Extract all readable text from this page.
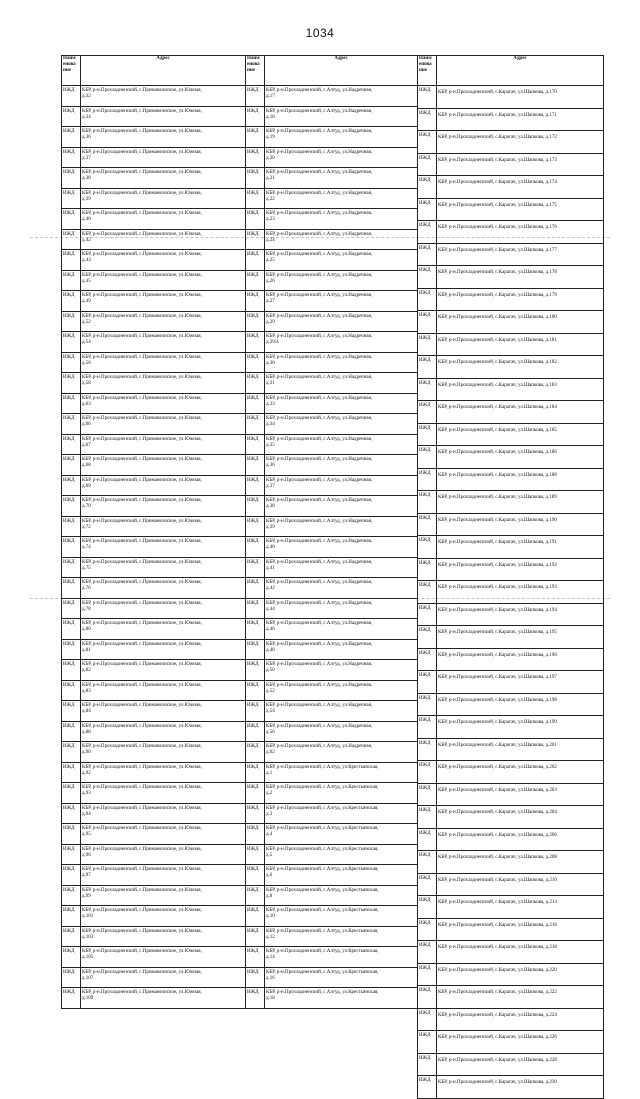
1034
Наим енова ние	Адрес
ИЖД	КБР, р-н.Прохладненский, с.Приманелиское, ул.Южная,
д.32

ИЖД	КБР, р-н.Прохладненский, с.Приманелиское, ул.Южная,
д.34

ИЖД	КБР, р-н.Прохладненский, с.Приманелиское, ул.Южная,
д.36

ИЖД	КБР, р-н.Прохладненский, с.Приманелиское, ул.Южная,
д.37

ИЖД	КБР, р-н.Прохладненский, с.Приманелиское, ул.Южная,
д.38

ИЖД	КБР, р-н.Прохладненский, с.Приманелиское, ул.Южная,
д.39

ИЖД	КБР, р-н.Прохладненский, с.Приманелиское, ул.Южная,
д.40

ИЖД	КБР, р-н.Прохладненский, с.Приманелиское, ул.Южная,
д.42

ИЖД	КБР, р-н.Прохладненский, с.Приманелиское, ул.Южная,
д.43

ИЖД	КБР, р-н.Прохладненский, с.Приманелиское, ул.Южная,
д.45

ИЖД	КБР, р-н.Прохладненский, с.Приманелиское, ул.Южная,
д.49

ИЖД	КБР, р-н.Прохладненский, с.Приманелиское, ул.Южная,
д.52

ИЖД	КБР, р-н.Прохладненский, с.Приманелиское, ул.Южная,
д.54

ИЖД	КБР, р-н.Прохладненский, с.Приманелиское, ул.Южная,
д.56

ИЖД	КБР, р-н.Прохладненский, с.Приманелиское, ул.Южная,
д.58

ИЖД	КБР, р-н.Прохладненский, с.Приманелиское, ул.Южная,
д.63

ИЖД	КБР, р-н.Прохладненский, с.Приманелиское, ул.Южная,
д.66

ИЖД	КБР, р-н.Прохладненский, с.Приманелиское, ул.Южная,
д.67

ИЖД	КБР, р-н.Прохладненский, с.Приманелиское, ул.Южная,
д.68

ИЖД	КБР, р-н.Прохладненский, с.Приманелиское, ул.Южная,
д.69

ИЖД	КБР, р-н.Прохладненский, с.Приманелиское, ул.Южная,
д.70

ИЖД	КБР, р-н.Прохладненский, с.Приманелиское, ул.Южная,
д.72

ИЖД	КБР, р-н.Прохладненский, с.Приманелиское, ул.Южная,
д.74

ИЖД	КБР, р-н.Прохладненский, с.Приманелиское, ул.Южная,
д.75

ИЖД	КБР, р-н.Прохладненский, с.Приманелиское, ул.Южная,
д.76

ИЖД	КБР, р-н.Прохладненский, с.Приманелиское, ул.Южная,
д.78

ИЖД	КБР, р-н.Прохладненский, с.Приманелиское, ул.Южная,
д.80

ИЖД	КБР, р-н.Прохладненский, с.Приманелиское, ул.Южная,
д.81

ИЖД	КБР, р-н.Прохладненский, с.Приманелиское, ул.Южная,
д.82

ИЖД	КБР, р-н.Прохладненский, с.Приманелиское, ул.Южная,
д.83

ИЖД	КБР, р-н.Прохладненский, с.Приманелиское, ул.Южная,
д.84

ИЖД	КБР, р-н.Прохладненский, с.Приманелиское, ул.Южная,
д.88

ИЖД	КБР, р-н.Прохладненский, с.Приманелиское, ул.Южная,
д.90

ИЖД	КБР, р-н.Прохладненский, с.Приманелиское, ул.Южная,
д.92

ИЖД	КБР, р-н.Прохладненский, с.Приманелиское, ул.Южная,
д.93

ИЖД	КБР, р-н.Прохладненский, с.Приманелиское, ул.Южная,
д.94

ИЖД	КБР, р-н.Прохладненский, с.Приманелиское, ул.Южная,
д.95

ИЖД	КБР, р-н.Прохладненский, с.Приманелиское, ул.Южная,
д.96

ИЖД	КБР, р-н.Прохладненский, с.Приманелиское, ул.Южная,
д.97

ИЖД	КБР, р-н.Прохладненский, с.Приманелиское, ул.Южная,
д.99

ИЖД	КБР, р-н.Прохладненский, с.Приманелиское, ул.Южная,
д.101

ИЖД	КБР, р-н.Прохладненский, с.Приманелиское, ул.Южная,
д.103

ИЖД	КБР, р-н.Прохладненский, с.Приманелиское, ул.Южная,
д.105

ИЖД	КБР, р-н.Прохладненский, с.Приманелиское, ул.Южная,
д.107

ИЖД	КБР, р-н.Прохладненский, с.Приманелиское, ул.Южная,
д.109
Наим енова ние	Адрес
ИЖД	КБР, р-н.Прохладненский, с.Алтуд, ул.Надречная,
д.17

ИЖД	КБР, р-н.Прохладненский, с.Алтуд, ул.Надречная,
д.18

ИЖД	КБР, р-н.Прохладненский, с.Алтуд, ул.Надречная,
д.19

ИЖД	КБР, р-н.Прохладненский, с.Алтуд, ул.Надречная,
д.20

ИЖД	КБР, р-н.Прохладненский, с.Алтуд, ул.Надречная,
д.21

ИЖД	КБР, р-н.Прохладненский, с.Алтуд, ул.Надречная,
д.22

ИЖД	КБР, р-н.Прохладненский, с.Алтуд, ул.Надречная,
д.23

ИЖД	КБР, р-н.Прохладненский, с.Алтуд, ул.Надречная,
д.24

ИЖД	КБР, р-н.Прохладненский, с.Алтуд, ул.Надречная,
д.25

ИЖД	КБР, р-н.Прохладненский, с.Алтуд, ул.Надречная,
д.26

ИЖД	КБР, р-н.Прохладненский, с.Алтуд, ул.Надречная,
д.27

ИЖД	КБР, р-н.Прохладненский, с.Алтуд, ул.Надречная,
д.29

ИЖД	КБР, р-н.Прохладненский, с.Алтуд, ул.Надречная,
д.29/4

ИЖД	КБР, р-н.Прохладненский, с.Алтуд, ул.Надречная,
д.30

ИЖД	КБР, р-н.Прохладненский, с.Алтуд, ул.Надречная,
д.31

ИЖД	КБР, р-н.Прохладненский, с.Алтуд, ул.Надречная,
д.33

ИЖД	КБР, р-н.Прохладненский, с.Алтуд, ул.Надречная,
д.34

ИЖД	КБР, р-н.Прохладненский, с.Алтуд, ул.Надречная,
д.35

ИЖД	КБР, р-н.Прохладненский, с.Алтуд, ул.Надречная,
д.36

ИЖД	КБР, р-н.Прохладненский, с.Алтуд, ул.Надречная,
д.37

ИЖД	КБР, р-н.Прохладненский, с.Алтуд, ул.Надречная,
д.38

ИЖД	КБР, р-н.Прохладненский, с.Алтуд, ул.Надречная,
д.39

ИЖД	КБР, р-н.Прохладненский, с.Алтуд, ул.Надречная,
д.40

ИЖД	КБР, р-н.Прохладненский, с.Алтуд, ул.Надречная,
д.41

ИЖД	КБР, р-н.Прохладненский, с.Алтуд, ул.Надречная,
д.42

ИЖД	КБР, р-н.Прохладненский, с.Алтуд, ул.Надречная,
д.44

ИЖД	КБР, р-н.Прохладненский, с.Алтуд, ул.Надречная,
д.46

ИЖД	КБР, р-н.Прохладненский, с.Алтуд, ул.Надречная,
д.48

ИЖД	КБР, р-н.Прохладненский, с.Алтуд, ул.Надречная,
д.50

ИЖД	КБР, р-н.Прохладненский, с.Алтуд, ул.Надречная,
д.52

ИЖД	КБР, р-н.Прохладненский, с.Алтуд, ул.Надречная,
д.54

ИЖД	КБР, р-н.Прохладненский, с.Алтуд, ул.Надречная,
д.56

ИЖД	КБР, р-н.Прохладненский, с.Алтуд, ул.Надречная,
д.62

ИЖД	КБР, р-н.Прохладненский, с.Алтуд, ул.Крестьянская,
д.1

ИЖД	КБР, р-н.Прохладненский, с.Алтуд, ул.Крестьянская,
д.2

ИЖД	КБР, р-н.Прохладненский, с.Алтуд, ул.Крестьянская,
д.3

ИЖД	КБР, р-н.Прохладненский, с.Алтуд, ул.Крестьянская,
д.4

ИЖД	КБР, р-н.Прохладненский, с.Алтуд, ул.Крестьянская,
д.5

ИЖД	КБР, р-н.Прохладненский, с.Алтуд, ул.Крестьянская,
д.6

ИЖД	КБР, р-н.Прохладненский, с.Алтуд, ул.Крестьянская,
д.8

ИЖД	КБР, р-н.Прохладненский, с.Алтуд, ул.Крестьянская,
д.10

ИЖД	КБР, р-н.Прохладненский, с.Алтуд, ул.Крестьянская,
д.12

ИЖД	КБР, р-н.Прохладненский, с.Алтуд, ул.Крестьянская,
д.14

ИЖД	КБР, р-н.Прохладненский, с.Алтуд, ул.Крестьянская,
д.16

ИЖД	КБР, р-н.Прохладненский, с.Алтуд, ул.Крестьянская,
д.18
Наим енова ние	Адрес
ИЖД	КБР, р-н.Прохладненский, с.Карагач, ул.Шапкова, д.170

ИЖД	КБР, р-н.Прохладненский, с.Карагач, ул.Шапкова, д.171

ИЖД	КБР, р-н.Прохладненский, с.Карагач, ул.Шапкова, д.172

ИЖД	КБР, р-н.Прохладненский, с.Карагач, ул.Шапкова, д.173

ИЖД	КБР, р-н.Прохладненский, с.Карагач, ул.Шапкова, д.174

ИЖД	КБР, р-н.Прохладненский, с.Карагач, ул.Шапкова, д.175

ИЖД	КБР, р-н.Прохладненский, с.Карагач, ул.Шапкова, д.176

ИЖД	КБР, р-н.Прохладненский, с.Карагач, ул.Шапкова, д.177

ИЖД	КБР, р-н.Прохладненский, с.Карагач, ул.Шапкова, д.178

ИЖД	КБР, р-н.Прохладненский, с.Карагач, ул.Шапкова, д.179

ИЖД	КБР, р-н.Прохладненский, с.Карагач, ул.Шапкова, д.180

ИЖД	КБР, р-н.Прохладненский, с.Карагач, ул.Шапкова, д.181

ИЖД	КБР, р-н.Прохладненский, с.Карагач, ул.Шапкова, д.182

ИЖД	КБР, р-н.Прохладненский, с.Карагач, ул.Шапкова, д.183

ИЖД	КБР, р-н.Прохладненский, с.Карагач, ул.Шапкова, д.184

ИЖД	КБР, р-н.Прохладненский, с.Карагач, ул.Шапкова, д.185

ИЖД	КБР, р-н.Прохладненский, с.Карагач, ул.Шапкова, д.186

ИЖД	КБР, р-н.Прохладненский, с.Карагач, ул.Шапкова, д.188

ИЖД	КБР, р-н.Прохладненский, с.Карагач, ул.Шапкова, д.189

ИЖД	КБР, р-н.Прохладненский, с.Карагач, ул.Шапкова, д.190

ИЖД	КБР, р-н.Прохладненский, с.Карагач, ул.Шапкова, д.191

ИЖД	КБР, р-н.Прохладненский, с.Карагач, ул.Шапкова, д.192

ИЖД	КБР, р-н.Прохладненский, с.Карагач, ул.Шапкова, д.193

ИЖД	КБР, р-н.Прохладненский, с.Карагач, ул.Шапкова, д.194

ИЖД	КБР, р-н.Прохладненский, с.Карагач, ул.Шапкова, д.195

ИЖД	КБР, р-н.Прохладненский, с.Карагач, ул.Шапкова, д.196

ИЖД	КБР, р-н.Прохладненский, с.Карагач, ул.Шапкова, д.197

ИЖД	КБР, р-н.Прохладненский, с.Карагач, ул.Шапкова, д.198

ИЖД	КБР, р-н.Прохладненский, с.Карагач, ул.Шапкова, д.199

ИЖД	КБР, р-н.Прохладненский, с.Карагач, ул.Шапкова, д.201

ИЖД	КБР, р-н.Прохладненский, с.Карагач, ул.Шапкова, д.202

ИЖД	КБР, р-н.Прохладненский, с.Карагач, ул.Шапкова, д.203

ИЖД	КБР, р-н.Прохладненский, с.Карагач, ул.Шапкова, д.204

ИЖД	КБР, р-н.Прохладненский, с.Карагач, ул.Шапкова, д.206

ИЖД	КБР, р-н.Прохладненский, с.Карагач, ул.Шапкова, д.208

ИЖД	КБР, р-н.Прохладненский, с.Карагач, ул.Шапкова, д.210

ИЖД	КБР, р-н.Прохладненский, с.Карагач, ул.Шапкова, д.214

ИЖД	КБР, р-н.Прохладненский, с.Карагач, ул.Шапкова, д.216

ИЖД	КБР, р-н.Прохладненский, с.Карагач, ул.Шапкова, д.218

ИЖД	КБР, р-н.Прохладненский, с.Карагач, ул.Шапкова, д.220

ИЖД	КБР, р-н.Прохладненский, с.Карагач, ул.Шапкова, д.222

ИЖД	КБР, р-н.Прохладненский, с.Карагач, ул.Шапкова, д.224

ИЖД	КБР, р-н.Прохладненский, с.Карагач, ул.Шапкова, д.226

ИЖД	КБР, р-н.Прохладненский, с.Карагач, ул.Шапкова, д.228

ИЖД	КБР, р-н.Прохладненский, с.Карагач, ул.Шапкова, д.230
